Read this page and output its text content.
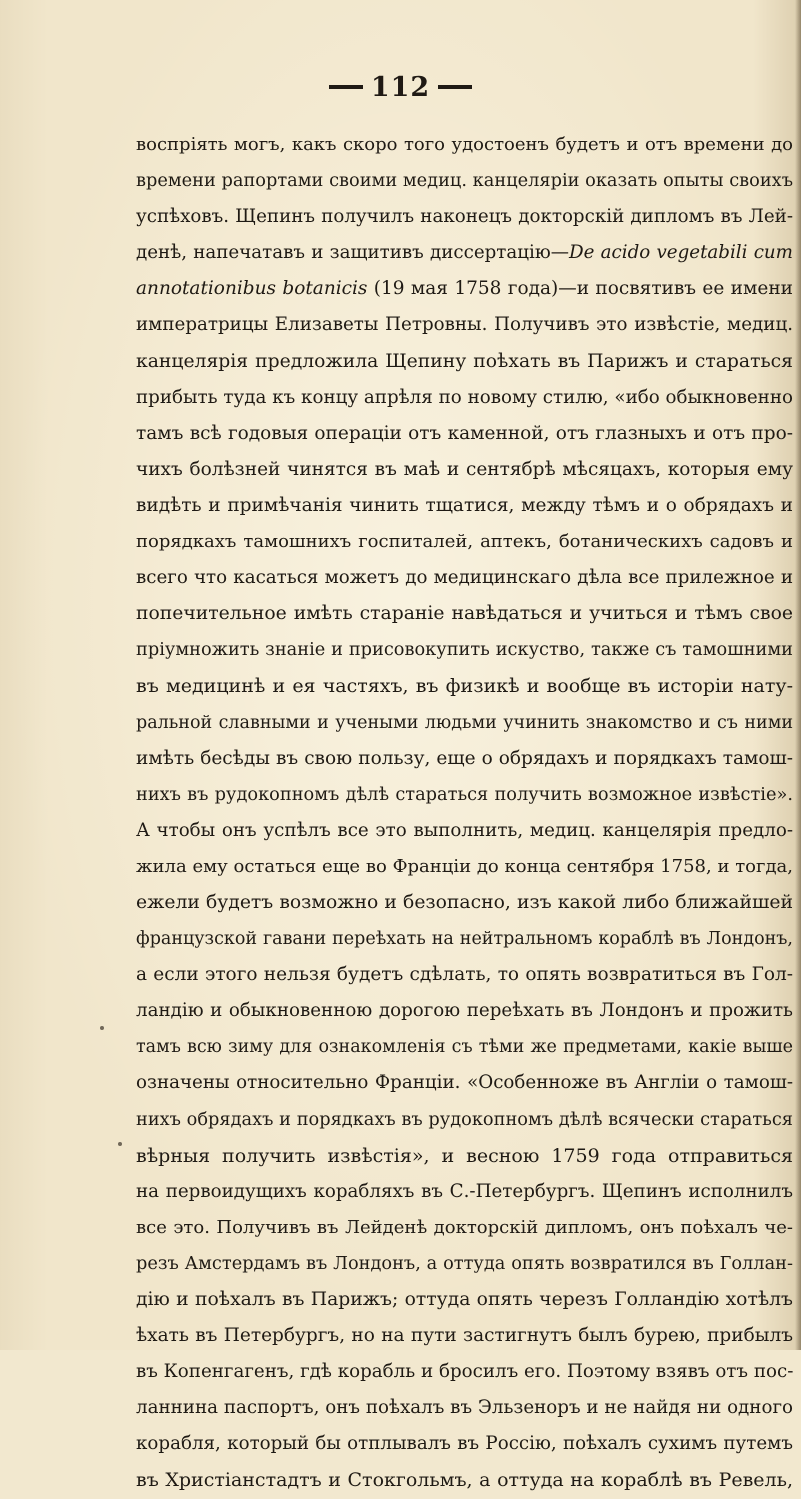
112
воспріять могъ, какъ скоро того удостоенъ будетъ и отъ времени до
времени рапортами своими медиц. канцеляріи оказать опыты своихъ
успѣховъ. Щепинъ получилъ наконецъ докторскій дипломъ въ Лей-
денѣ, напечатавъ и защитивъ диссертацію—De acido vegetabili cum
annotationibus botanicis (19 мая 1758 года)—и посвятивъ ее имени
императрицы Елизаветы Петровны. Получивъ это извѣстіе, медиц.
канцелярія предложила Щепину поѣхать въ Парижъ и стараться
прибыть туда къ концу апрѣля по новому стилю, «ибо обыкновенно
тамъ всѣ годовыя операціи отъ каменной, отъ глазныхъ и отъ про-
чихъ болѣзней чинятся въ маѣ и сентябрѣ мѣсяцахъ, которыя ему
видѣть и примѣчанія чинить тщатися, между тѣмъ и о обрядахъ и
порядкахъ тамошнихъ госпиталей, аптекъ, ботаническихъ садовъ и
всего что касаться можетъ до медицинскаго дѣла все прилежное и
попечительное имѣть стараніе навѣдаться и учиться и тѣмъ свое
пріумножить знаніе и присовокупить искуство, также съ тамошними
въ медицинѣ и ея частяхъ, въ физикѣ и вообще въ исторіи нату-
ральной славными и учеными людьми учинить знакомство и съ ними
имѣть бесѣды въ свою пользу, еще о обрядахъ и порядкахъ тамош-
нихъ въ рудокопномъ дѣлѣ стараться получить возможное извѣстіе».
А чтобы онъ успѣлъ все это выполнить, медиц. канцелярія предло-
жила ему остаться еще во Франціи до конца сентября 1758, и тогда,
ежели будетъ возможно и безопасно, изъ какой либо ближайшей
французской гавани переѣхать на нейтральномъ кораблѣ въ Лондонъ,
а если этого нельзя будетъ сдѣлать, то опять возвратиться въ Гол-
ландію и обыкновенною дорогою переѣхать въ Лондонъ и прожить
тамъ всю зиму для ознакомленія съ тѣми же предметами, какіе выше
означены относительно Франціи. «Особенноже въ Англіи о тамош-
нихъ обрядахъ и порядкахъ въ рудокопномъ дѣлѣ всячески стараться
вѣрныя получить извѣстія», и весною 1759 года отправиться
на первоидущихъ корабляхъ въ С.-Петербургъ. Щепинъ исполнилъ
все это. Получивъ въ Лейденѣ докторскій дипломъ, онъ поѣхалъ че-
резъ Амстердамъ въ Лондонъ, а оттуда опять возвратился въ Голлан-
дію и поѣхалъ въ Парижъ; оттуда опять черезъ Голландію хотѣлъ
ѣхать въ Петербургъ, но на пути застигнутъ былъ бурею, прибылъ
въ Копенгагенъ, гдѣ корабль и бросилъ его. Поэтому взявъ отъ пос-
ланнина паспортъ, онъ поѣхалъ въ Эльзеноръ и не найдя ни одного
корабля, который бы отплывалъ въ Россію, поѣхалъ сухимъ путемъ
въ Христіанстадтъ и Стокгольмъ, а оттуда на кораблѣ въ Ревель,
